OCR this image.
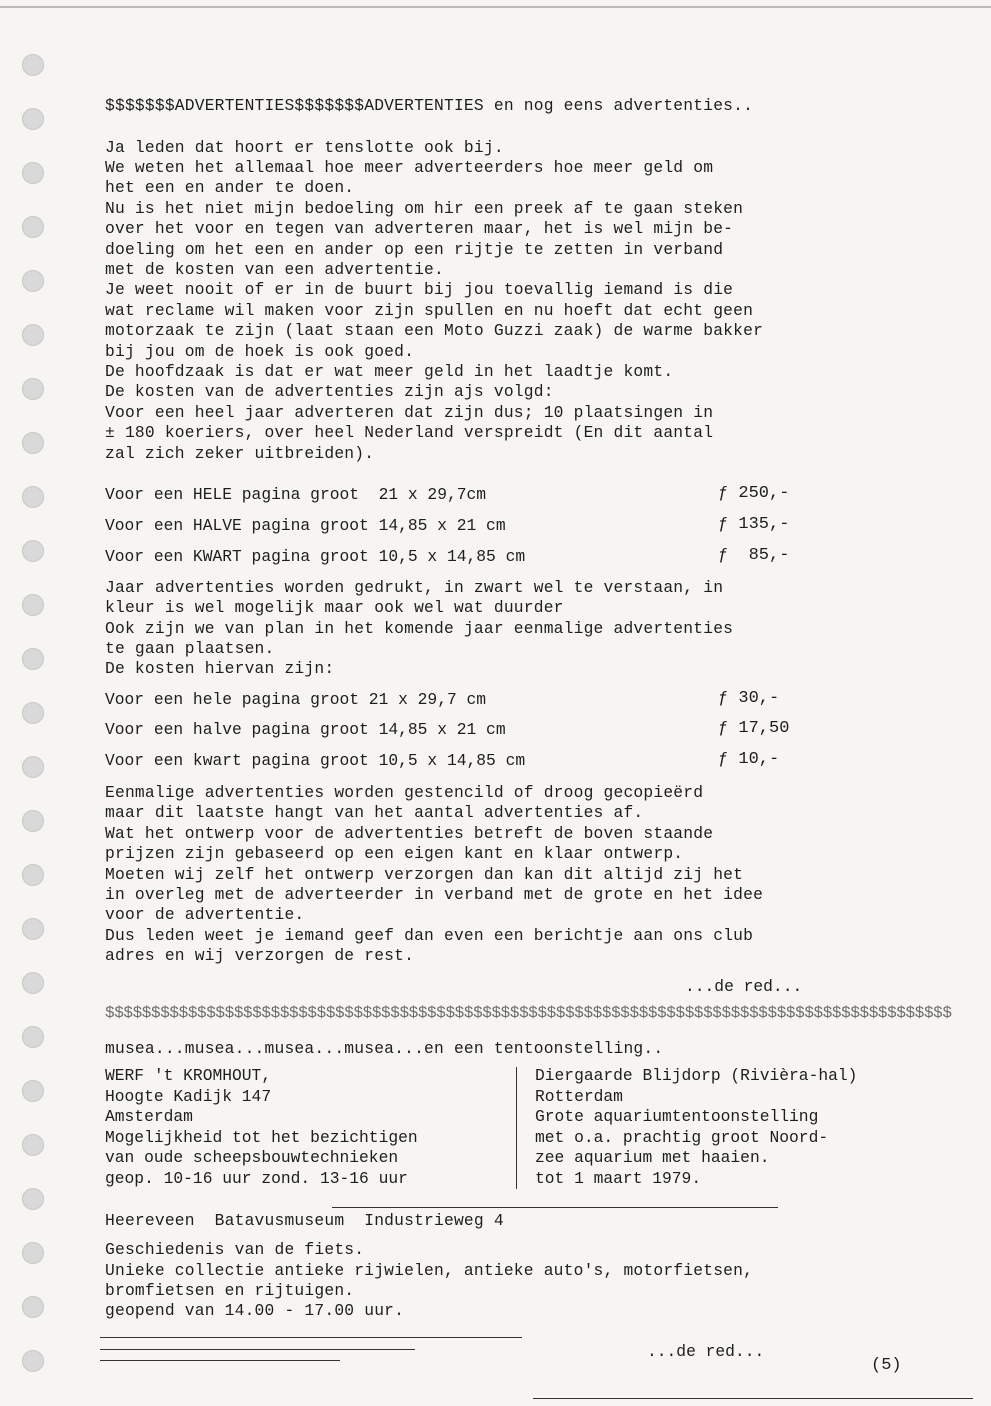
$$$$$$$ADVERTENTIES$$$$$$$ADVERTENTIES en nog eens advertenties..
Ja leden dat hoort er tenslotte ook bij.
We weten het allemaal hoe meer adverteerders hoe meer geld om
het een en ander te doen.
Nu is het niet mijn bedoeling om hir een preek af te gaan steken
over het voor en tegen van adverteren maar, het is wel mijn be-
doeling om het een en ander op een rijtje te zetten in verband
met de kosten van een advertentie.
Je weet nooit of er in de buurt bij jou toevallig iemand is die
wat reclame wil maken voor zijn spullen en nu hoeft dat echt geen
motorzaak te zijn (laat staan een Moto Guzzi zaak) de warme bakker
bij jou om de hoek is ook goed.
De hoofdzaak is dat er wat meer geld in het laadtje komt.
De kosten van de advertenties zijn ajs volgd:
Voor een heel jaar adverteren dat zijn dus; 10 plaatsingen in
± 180 koeriers, over heel Nederland verspreidt (En dit aantal
zal zich zeker uitbreiden).
Voor een HELE pagina groot  21 x 29,7cm	ƒ 250,-
Voor een HALVE pagina groot 14,85 x 21 cm	ƒ 135,-
Voor een KWART pagina groot 10,5 x 14,85 cm	ƒ  85,-
Jaar advertenties worden gedrukt, in zwart wel te verstaan, in
kleur is wel mogelijk maar ook wel wat duurder
Ook zijn we van plan in het komende jaar eenmalige advertenties
te gaan plaatsen.
De kosten hiervan zijn:
Voor een hele pagina groot 21 x 29,7 cm	ƒ 30,-
Voor een halve pagina groot 14,85 x 21 cm	ƒ 17,50
Voor een kwart pagina groot 10,5 x 14,85 cm	ƒ 10,-
Eenmalige advertenties worden gestencild of droog gecopieërd
maar dit laatste hangt van het aantal advertenties af.
Wat het ontwerp voor de advertenties betreft de boven staande
prijzen zijn gebaseerd op een eigen kant en klaar ontwerp.
Moeten wij zelf het ontwerp verzorgen dan kan dit altijd zij het
in overleg met de adverteerder in verband met de grote en het idee
voor de advertentie.
Dus leden weet je iemand geef dan even een berichtje aan ons club
adres en wij verzorgen de rest.
...de red...
$$$$$$$$$$$$$$$$$$$$$$$$$$$$$$$$$$$$$$$$$$$$$$$$$$$$$$$$$$$$$$$$$$$$$$$$$$$$$$$$$$$$$$$$$$$$
musea...musea...musea...musea...en een tentoonstelling..
WERF 't KROMHOUT,
Hoogte Kadijk 147
Amsterdam
Mogelijkheid tot het bezichtigen
van oude scheepsbouwtechnieken
geop. 10-16 uur zond. 13-16 uur
Diergaarde Blijdorp (Rivièra-hal)
Rotterdam
Grote aquariumtentoonstelling
met o.a. prachtig groot Noord-
zee aquarium met haaien.
tot 1 maart 1979.
Heereveen  Batavusmuseum  Industrieweg 4
Geschiedenis van de fiets.
Unieke collectie antieke rijwielen, antieke auto's, motorfietsen,
bromfietsen en rijtuigen.
geopend van 14.00 - 17.00 uur.
...de red...
(5)
